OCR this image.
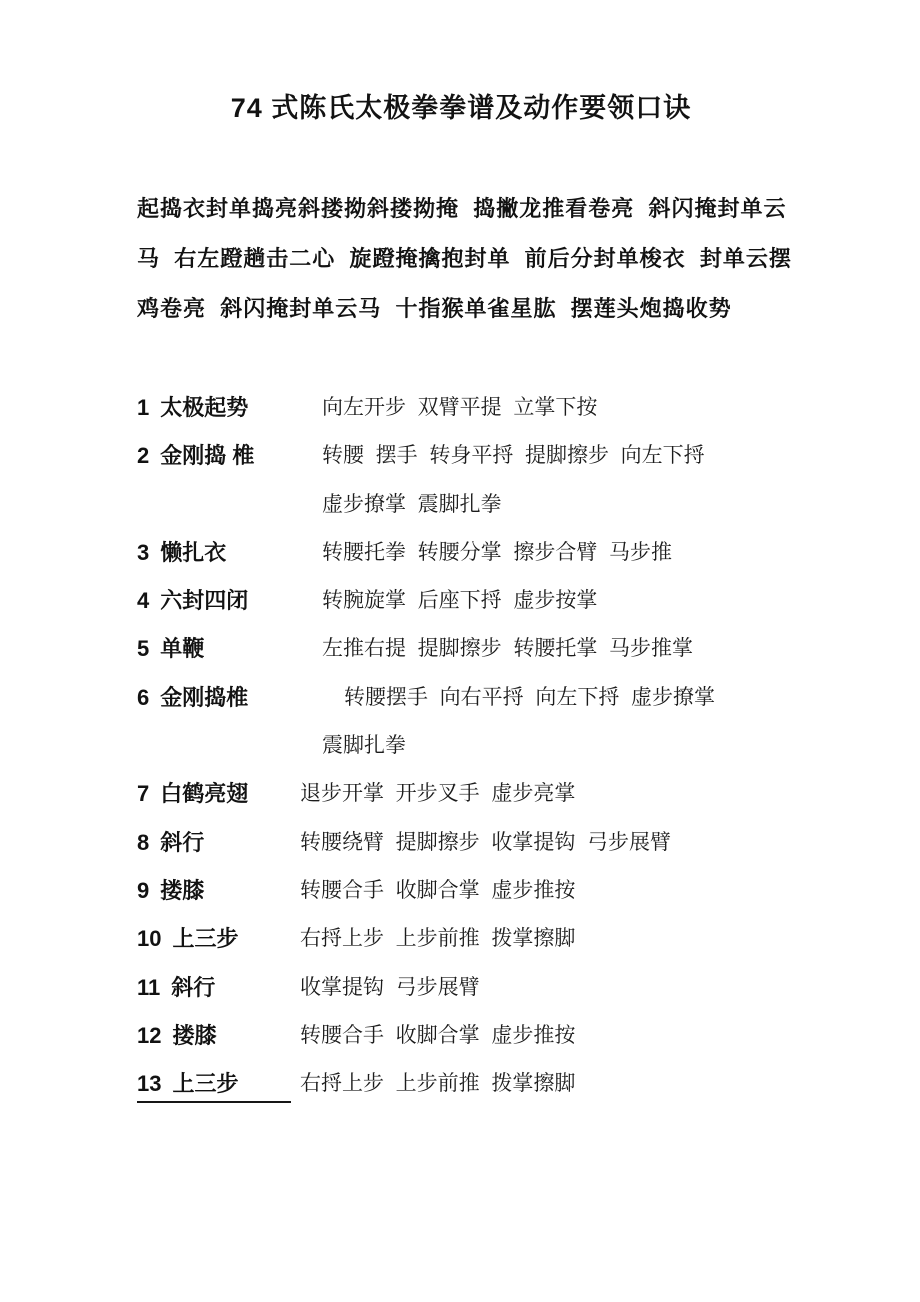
74 式陈氏太极拳拳谱及动作要领口诀

起捣衣封单捣亮斜搂拗斜搂拗掩  捣撇龙推看卷亮  斜闪掩封单云

马  右左蹬趟击二心  旋蹬掩擒抱封单  前后分封单梭衣  封单云摆

鸡卷亮  斜闪掩封单云马  十指猴单雀星肱  摆莲头炮捣收势

1 太极起势	向左开步  双臂平提  立掌下按
2 金刚捣 椎	转腰  摆手  转身平捋  提脚擦步  向左下捋
虚步撩掌  震脚扎拳
3 懒扎衣	转腰托拳  转腰分掌  擦步合臂  马步推
4 六封四闭	转腕旋掌  后座下捋  虚步按掌
5 单鞭	左推右提  提脚擦步  转腰托掌  马步推掌
6 金刚捣椎	转腰摆手  向右平捋  向左下捋  虚步撩掌
震脚扎拳
7 白鹤亮翅	退步开掌  开步叉手  虚步亮掌
8 斜行	转腰绕臂  提脚擦步  收掌提钩  弓步展臂
9 搂膝	转腰合手  收脚合掌  虚步推按
10 上三步	右捋上步  上步前推  拨掌擦脚
11 斜行	收掌提钩  弓步展臂
12 搂膝	转腰合手  收脚合掌  虚步推按
13 上三步	右捋上步  上步前推  拨掌擦脚
